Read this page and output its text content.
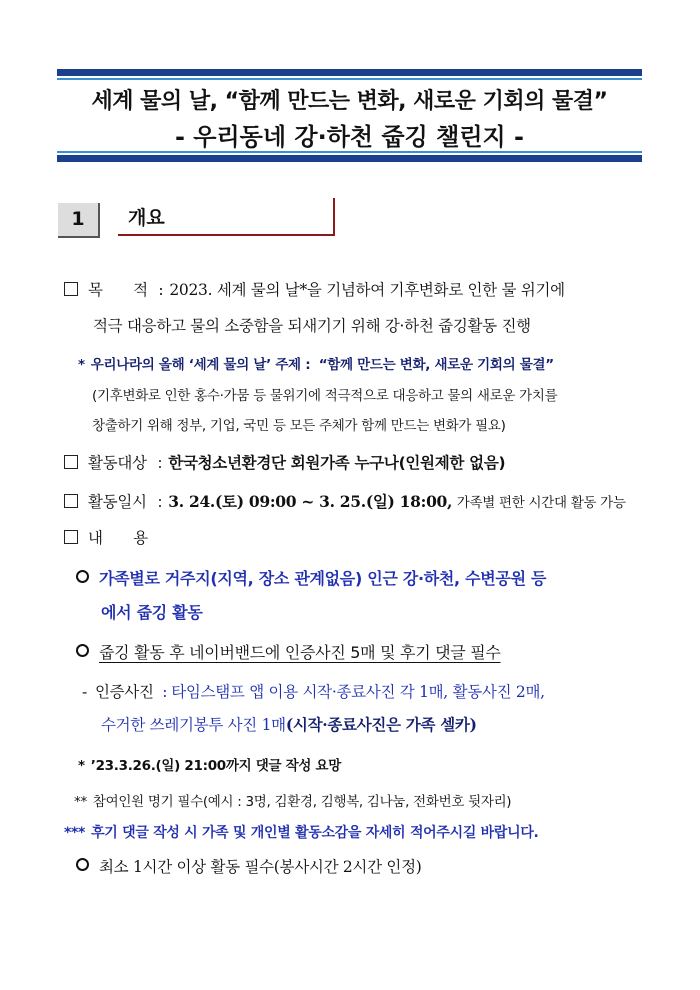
세계 물의 날, “함께 만드는 변화, 새로운 기회의 물결”
- 우리동네 강·하천 줍깅 챌린지 -
1	개요
목　　적 : 2023. 세계 물의 날*을 기념하여 기후변화로 인한 물 위기에
적극 대응하고 물의 소중함을 되새기기 위해 강·하천 줍깅활동 진행
* 우리나라의 올해 ‘세계 물의 날’ 주제 : “함께 만드는 변화, 새로운 기회의 물결”
(기후변화로 인한 홍수·가뭄 등 물위기에 적극적으로 대응하고 물의 새로운 가치를
창출하기 위해 정부, 기업, 국민 등 모든 주체가 함께 만드는 변화가 필요)
활동대상 : 한국청소년환경단 회원가족 누구나(인원제한 없음)
활동일시 : 3. 24.(토) 09:00 ~ 3. 25.(일) 18:00, 가족별 편한 시간대 활동 가능
내　　용
가족별로 거주지(지역, 장소 관계없음) 인근 강·하천, 수변공원 등
에서 줍깅 활동
줍깅 활동 후 네이버밴드에 인증사진 5매 및 후기 댓글 필수
- 인증사진 : 타임스탬프 앱 이용 시작·종료사진 각 1매, 활동사진 2매,
수거한 쓰레기봉투 사진 1매(시작·종료사진은 가족 셀카)
* ’23.3.26.(일) 21:00까지 댓글 작성 요망
** 참여인원 명기 필수(예시 : 3명, 김환경, 김행복, 김나눔, 전화번호 뒷자리)
*** 후기 댓글 작성 시 가족 및 개인별 활동소감을 자세히 적어주시길 바랍니다.
최소 1시간 이상 활동 필수(봉사시간 2시간 인정)
